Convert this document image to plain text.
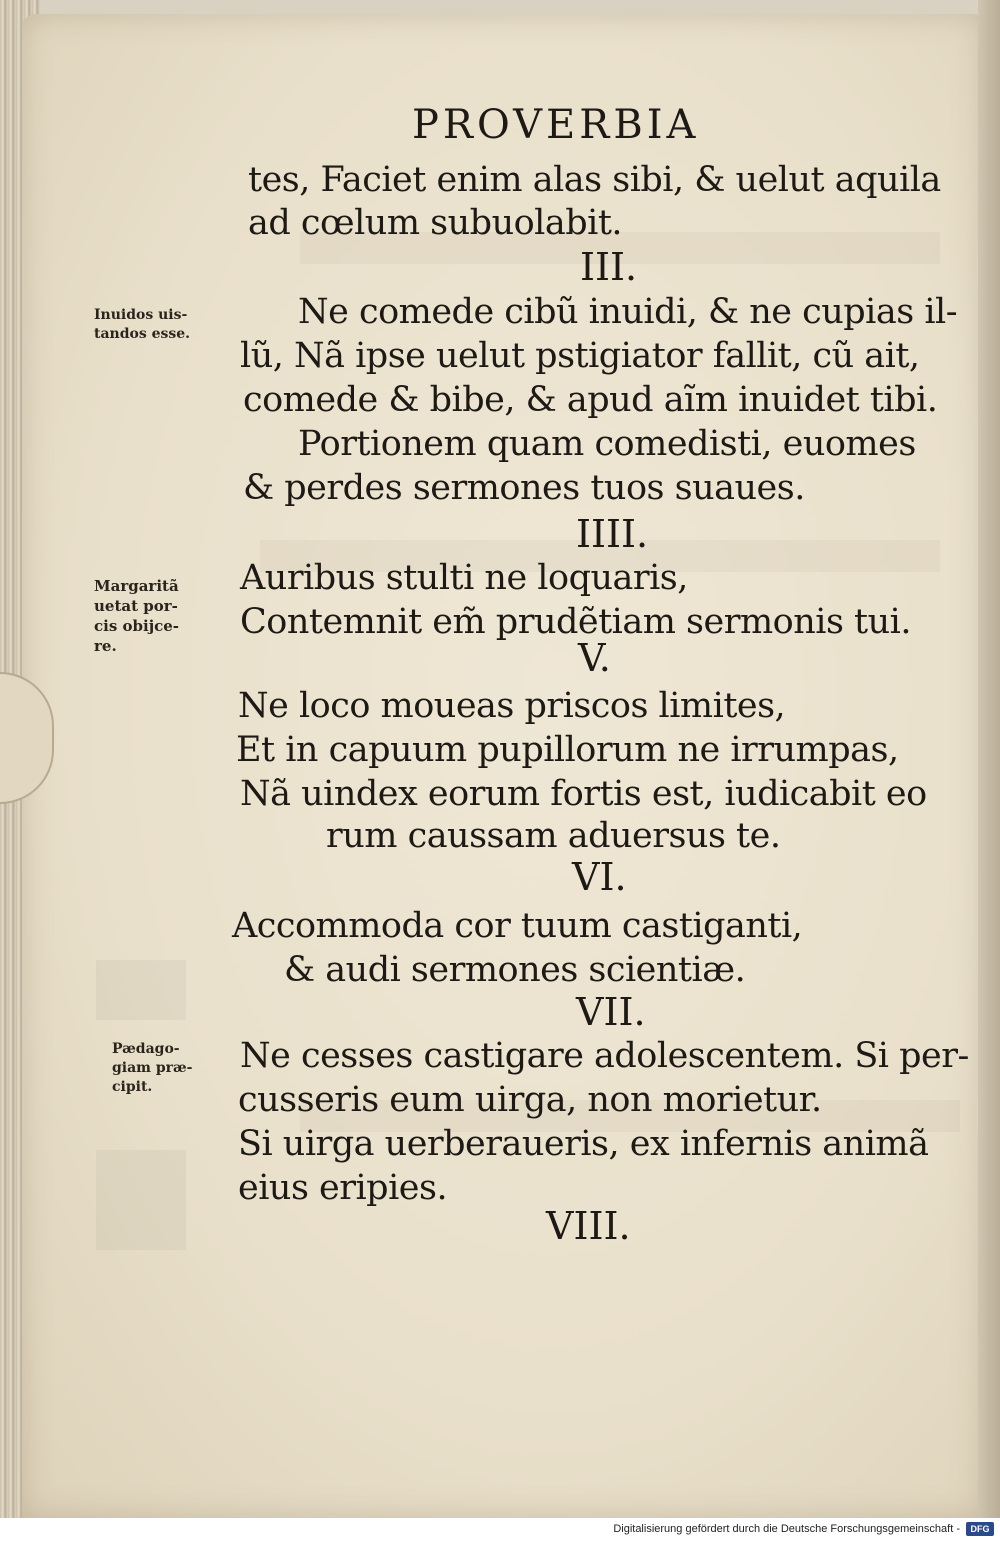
PROVERBIA
tes, Faciet enim alas sibi, & uelut aquila
ad cœlum subuolabit.
III.
Ne comede cibũ inuidi, & ne cupias il-
lũ, Nã ipse uelut pstigiator fallit, cũ ait,
comede & bibe, & apud aĩm inuidet tibi.
Portionem quam comedisti, euomes
& perdes sermones tuos suaues.
IIII.
Auribus stulti ne loquaris,
Contemnit em̃ prudẽtiam sermonis tui.
V.
Ne loco moueas priscos limites,
Et in capuum pupillorum ne irrumpas,
Nã uindex eorum fortis est, iudicabit eo
rum caussam aduersus te.
VI.
Accommoda cor tuum castiganti,
& audi sermones scientiæ.
VII.
Ne cesses castigare adolescentem. Si per-
cusseris eum uirga, non morietur.
Si uirga uerberaueris, ex infernis animã
eius eripies.
VIII.
Inuidos uis-
tandos esse.
Margaritã
uetat por-
cis obijce-
re.
Pædago-
giam præ-
cipit.
Digitalisierung gefördert durch die Deutsche Forschungsgemeinschaft -	DFG
